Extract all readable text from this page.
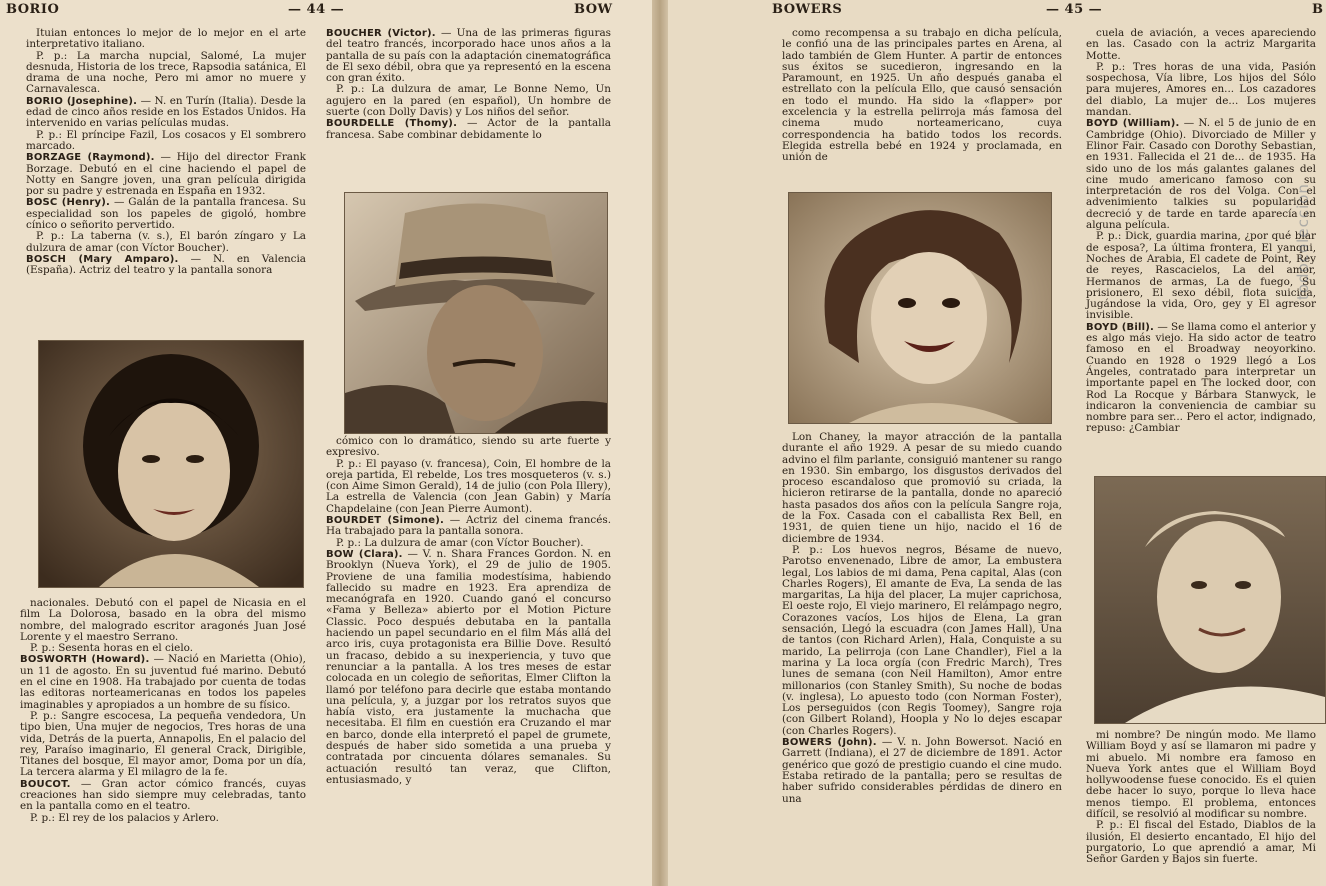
BORIO	— 44 —	BOW

Ituian entonces lo mejor de lo mejor en el arte interpretativo italiano.

P. p.: La marcha nupcial, Salomé, La mujer desnuda, Historia de los trece, Rapsodia satánica, El drama de una noche, Pero mi amor no muere y Carnavalesca.

BORIO (Josephine). — N. en Turín (Italia). Desde la edad de cinco años reside en los Estados Unidos. Ha intervenido en varias películas mudas.

P. p.: El príncipe Fazil, Los cosacos y El sombrero marcado.

BORZAGE (Raymond). — Hijo del director Frank Borzage. Debutó en el cine haciendo el papel de Notty en Sangre joven, una gran película dirigida por su padre y estrenada en España en 1932.

BOSC (Henry). — Galán de la pantalla francesa. Su especialidad son los papeles de gigoló, hombre cínico o señorito pervertido.

P. p.: La taberna (v. s.), El barón zíngaro y La dulzura de amar (con Víctor Boucher).

BOSCH (Mary Amparo). — N. en Valencia (España). Actriz del teatro y la pantalla sonora

nacionales. Debutó con el papel de Nicasia en el film La Dolorosa, basado en la obra del mismo nombre, del malogrado escritor aragonés Juan José Lorente y el maestro Serrano.

P. p.: Sesenta horas en el cielo.

BOSWORTH (Howard). — Nació en Marietta (Ohio), un 11 de agosto. En su juventud fué marino. Debutó en el cine en 1908. Ha trabajado por cuenta de todas las editoras norteamericanas en todos los papeles imaginables y apropiados a un hombre de su físico.

P. p.: Sangre escocesa, La pequeña vendedora, Un tipo bien, Una mujer de negocios, Tres horas de una vida, Detrás de la puerta, Annapolis, En el palacio del rey, Paraíso imaginario, El general Crack, Dirigible, Titanes del bosque, El mayor amor, Doma por un día, La tercera alarma y El milagro de la fe.

BOUCOT. — Gran actor cómico francés, cuyas creaciones han sido siempre muy celebradas, tanto en la pantalla como en el teatro.

P. p.: El rey de los palacios y Arlero.

BOUCHER (Victor). — Una de las primeras figuras del teatro francés, incorporado hace unos años a la pantalla de su país con la adaptación cinematográfica de El sexo débil, obra que ya representó en la escena con gran éxito.

P. p.: La dulzura de amar, Le Bonne Nemo, Un agujero en la pared (en español), Un hombre de suerte (con Dolly Davis) y Los niños del señor.

BOURDELLE (Thomy). — Actor de la pantalla francesa. Sabe combinar debidamente lo

cómico con lo dramático, siendo su arte fuerte y expresivo.

P. p.: El payaso (v. francesa), Coin, El hombre de la oreja partida, El rebelde, Los tres mosqueteros (v. s.) (con Aime Simon Gerald), 14 de julio (con Pola Illery), La estrella de Valencia (con Jean Gabin) y María Chapdelaine (con Jean Pierre Aumont).

BOURDET (Simone). — Actriz del cinema francés. Ha trabajado para la pantalla sonora.

P. p.: La dulzura de amar (con Víctor Boucher).

BOW (Clara). — V. n. Shara Frances Gordon. N. en Brooklyn (Nueva York), el 29 de julio de 1905. Proviene de una familia modestísima, habiendo fallecido su madre en 1923. Era aprendiza de mecanógrafa en 1920. Cuando ganó el concurso «Fama y Belleza» abierto por el Motion Picture Classic. Poco después debutaba en la pantalla haciendo un papel secundario en el film Más allá del arco iris, cuya protagonista era Billie Dove. Resultó un fracaso, debido a su inexperiencia, y tuvo que renunciar a la pantalla. A los tres meses de estar colocada en un colegio de señoritas, Elmer Clifton la llamó por teléfono para decirle que estaba montando una película, y, a juzgar por los retratos suyos que había visto, era justamente la muchacha que necesitaba. El film en cuestión era Cruzando el mar en barco, donde ella interpretó el papel de grumete, después de haber sido sometida a una prueba y contratada por cincuenta dólares semanales. Su actuación resultó tan veraz, que Clifton, entusiasmado, y

BOWERS	— 45 —	B

como recompensa a su trabajo en dicha película, le confió una de las principales partes en Arena, al lado también de Glem Hunter. A partir de entonces sus éxitos se sucedieron, ingresando en la Paramount, en 1925. Un año después ganaba el estrellato con la película Ello, que causó sensación en todo el mundo. Ha sido la «flapper» por excelencia y la estrella pelirroja más famosa del cinema mudo norteamericano, cuya correspondencia ha batido todos los records. Elegida estrella bebé en 1924 y proclamada, en unión de

Lon Chaney, la mayor atracción de la pantalla durante el año 1929. A pesar de su miedo cuando advino el film parlante, consiguió mantener su rango en 1930. Sin embargo, los disgustos derivados del proceso escandaloso que promovió su criada, la hicieron retirarse de la pantalla, donde no apareció hasta pasados dos años con la película Sangre roja, de la Fox. Casada con el caballista Rex Bell, en 1931, de quien tiene un hijo, nacido el 16 de diciembre de 1934.

P. p.: Los huevos negros, Bésame de nuevo, Parotso envenenado, Libre de amor, La embustera legal, Los labios de mi dama, Pena capital, Alas (con Charles Rogers), El amante de Eva, La senda de las margaritas, La hija del placer, La mujer caprichosa, El oeste rojo, El viejo marinero, El relámpago negro, Corazones vacíos, Los hijos de Elena, La gran sensación, Llegó la escuadra (con James Hall), Una de tantos (con Richard Arlen), Hala, Conquiste a su marido, La pelirroja (con Lane Chandler), Fiel a la marina y La loca orgía (con Fredric March), Tres lunes de semana (con Neil Hamilton), Amor entre millonarios (con Stanley Smith), Su noche de bodas (v. inglesa), Lo apuesto todo (con Norman Foster), Los perseguidos (con Regis Toomey), Sangre roja (con Gilbert Roland), Hoopla y No lo dejes escapar (con Charles Rogers).

BOWERS (John). — V. n. John Bowersot. Nació en Garrett (Indiana), el 27 de diciembre de 1891. Actor genérico que gozó de prestigio cuando el cine mudo. Estaba retirado de la pantalla; pero se resultas de haber sufrido considerables pérdidas de dinero en una

cuela de aviación, a veces apareciendo en las. Casado con la actriz Margarita Motte.

P. p.: Tres horas de una vida, Pasión sospechosa, Vía libre, Los hijos del Sólo para mujeres, Amores en... Los cazadores del diablo, La mujer de... Los mujeres mandan.

BOYD (William). — N. el 5 de junio de en Cambridge (Ohio). Divorciado de Miller y Elinor Fair. Casado con Dorothy Sebastian, en 1931. Fallecida el 21 de... de 1935. Ha sido uno de los más galantes galanes del cine mudo americano famoso con su interpretación de ros del Volga. Con el advenimiento talkies su popularidad decreció y de tarde en tarde aparecía en alguna película.

P. p.: Dick, guardia marina, ¿por qué blar de esposa?, La última frontera, El yanqui, Noches de Arabia, El cadete de Point, Rey de reyes, Rascacielos, La del amor, Hermanos de armas, La de fuego, Su prisionero, El sexo débil, flota suicida, Jugándose la vida, Oro, gey y El agresor invisible.

BOYD (Bill). — Se llama como el anterior y es algo más viejo. Ha sido actor de teatro famoso en el Broadway neoyorkino. Cuando en 1928 o 1929 llegó a Los Ángeles, contratado para interpretar un importante papel en The locked door, con Rod La Rocque y Bárbara Stanwyck, le indicaron la conveniencia de cambiar su nombre para ser... Pero el actor, indignado, repuso: ¿Cambiar

mi nombre? De ningún modo. Me llamo William Boyd y así se llamaron mi padre y mi abuelo. Mi nombre era famoso en Nueva York antes que el William Boyd hollywoodense fuese conocido. Es el quien debe hacer lo suyo, porque lo lleva hace menos tiempo. El problema, entonces difícil, se resolvió al modificar su nombre.

P. p.: El fiscal del Estado, Diablos de la ilusión, El desierto encantado, El hijo del purgatorio, Lo que aprendió a amar, Mi Señor Garden y Bajos sin fuerte.

todocoleccion
